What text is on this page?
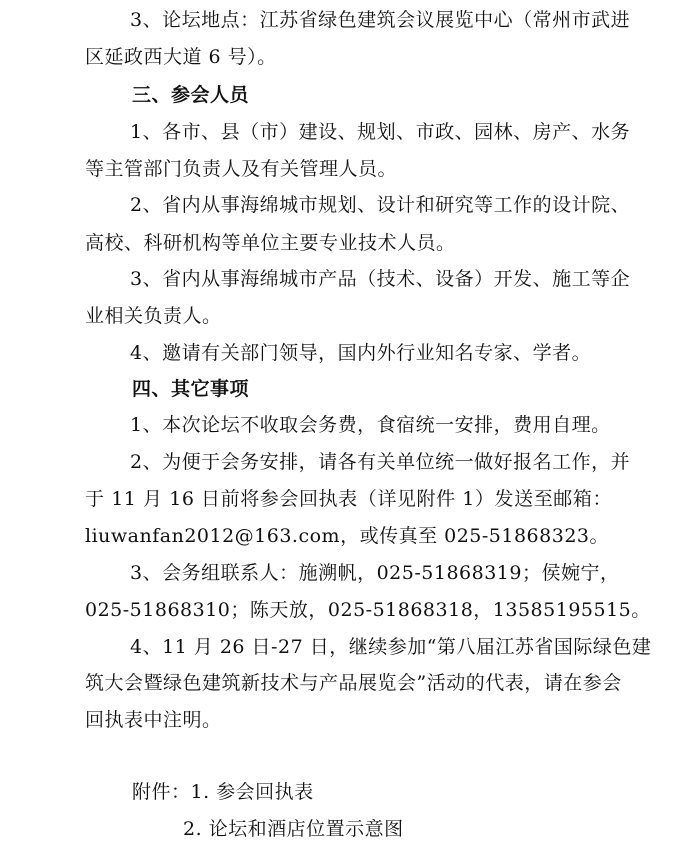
3、论坛地点：江苏省绿色建筑会议展览中心（常州市武进
区延政西大道 6 号）。
三、参会人员
1、各市、县（市）建设、规划、市政、园林、房产、水务
等主管部门负责人及有关管理人员。
2、省内从事海绵城市规划、设计和研究等工作的设计院、
高校、科研机构等单位主要专业技术人员。
3、省内从事海绵城市产品（技术、设备）开发、施工等企
业相关负责人。
4、邀请有关部门领导，国内外行业知名专家、学者。
四、其它事项
1、本次论坛不收取会务费，食宿统一安排，费用自理。
2、为便于会务安排，请各有关单位统一做好报名工作，并
于 11 月 16 日前将参会回执表（详见附件 1）发送至邮箱：
liuwanfan2012@163.com，或传真至 025-51868323。
3、会务组联系人：施溯帆，025-51868319；侯婉宁，
025-51868310；陈天放，025-51868318，13585195515。
4、11 月 26 日-27 日，继续参加“第八届江苏省国际绿色建
筑大会暨绿色建筑新技术与产品展览会”活动的代表，请在参会
回执表中注明。
附件：1. 参会回执表
2. 论坛和酒店位置示意图
